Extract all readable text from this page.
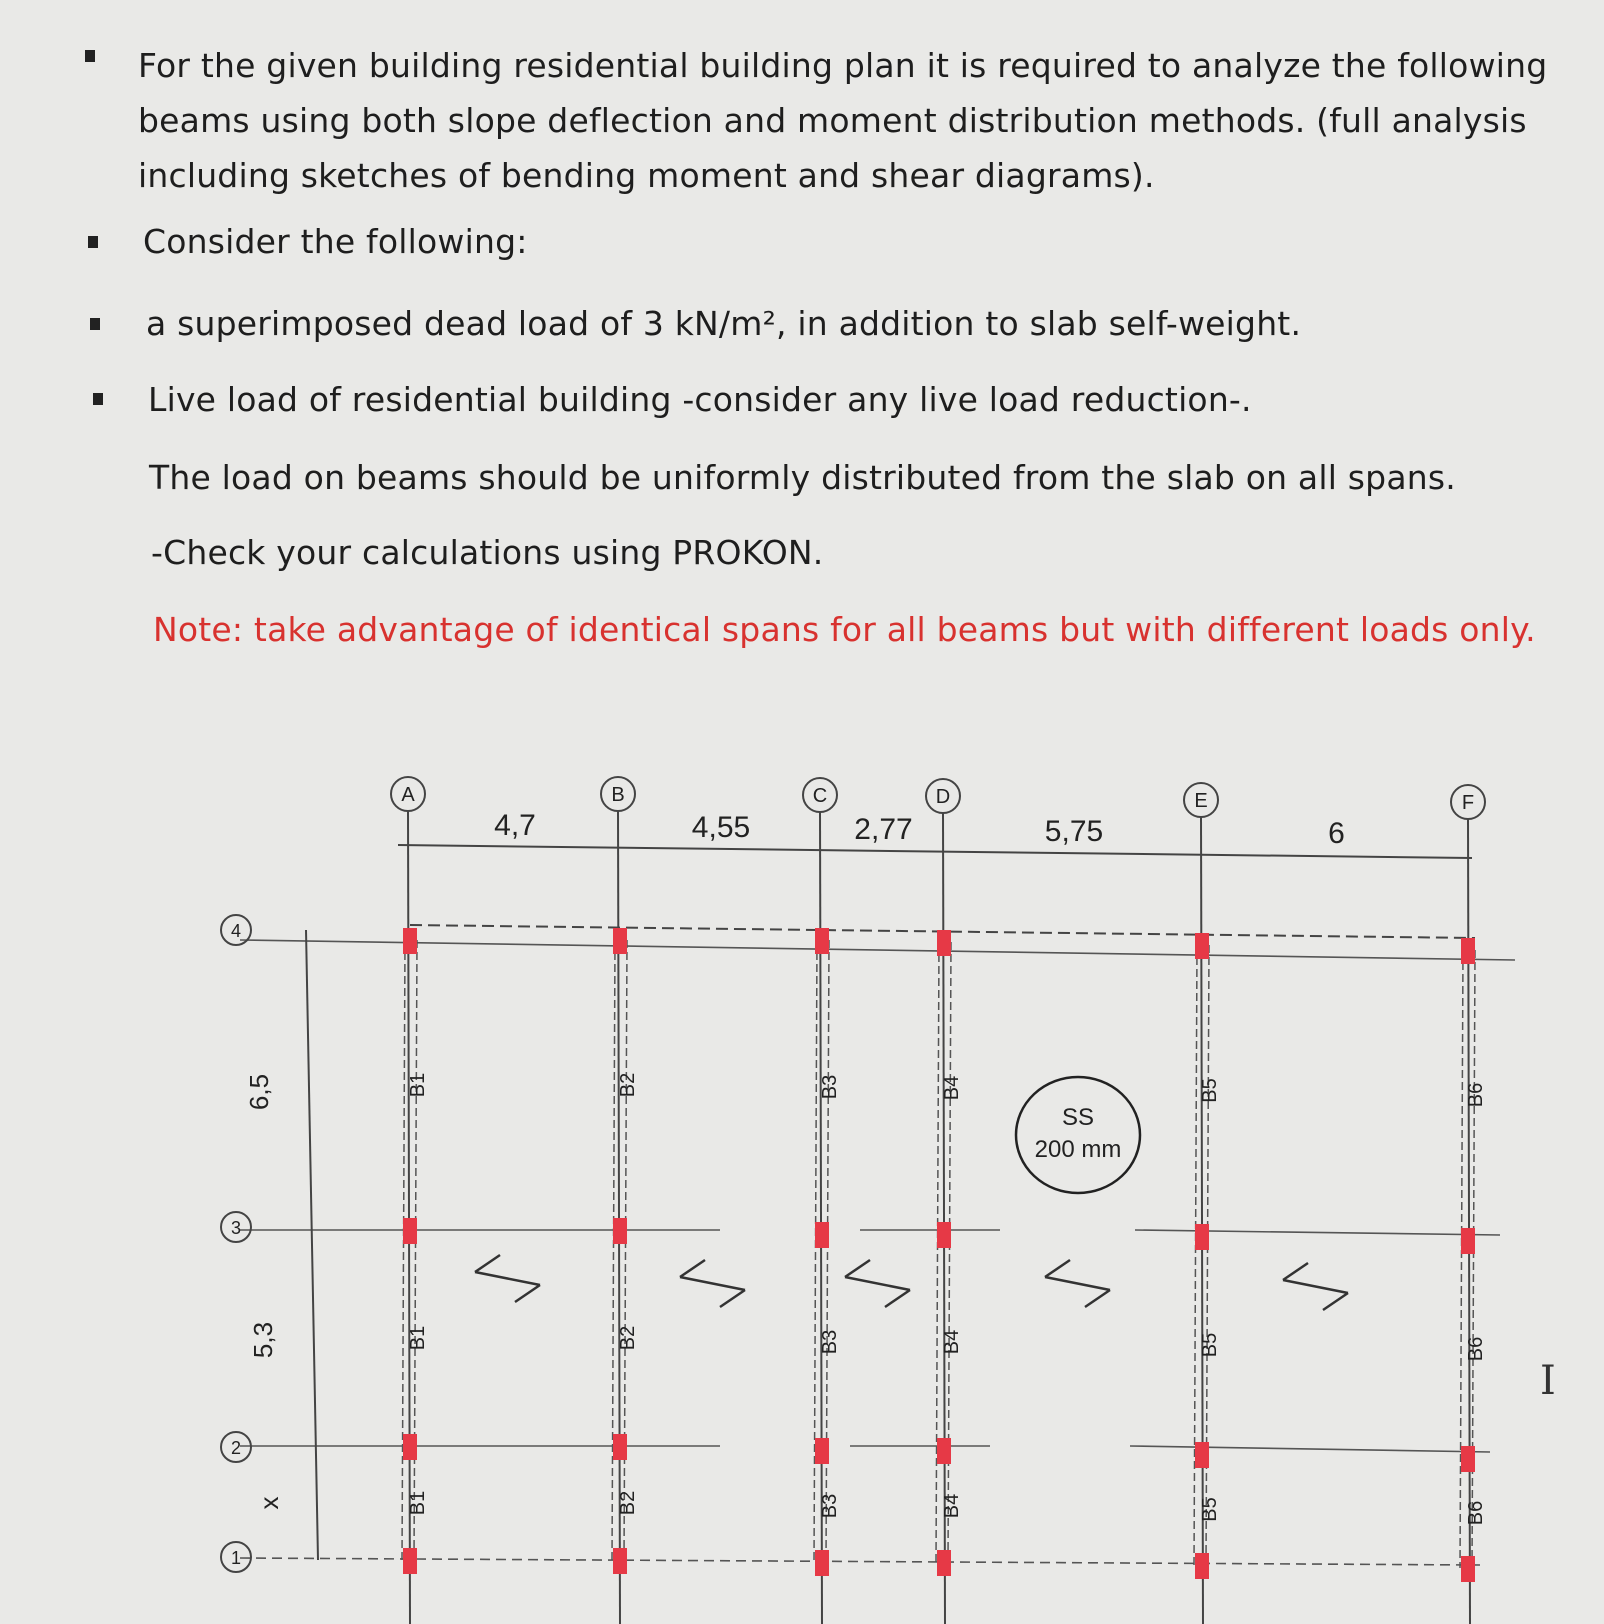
For the given building residential building plan it is required to analyze the following beams using both slope deflection and moment distribution methods. (full analysis including sketches of bending moment and shear diagrams).
Consider the following:
a superimposed dead load of 3 kN/m², in addition to slab self-weight.
Live load of residential building -consider any live load reduction-.
The load on beams should be uniformly distributed from the slab on all spans.
-Check your calculations using PROKON.
Note: take advantage of identical spans for all beams but with different loads only.
A	B	C	D	E	F
4,7	4,55	2,77	5,75	6
4
3
2
1
6,5
5,3
x
B1
B1
B1
B2
B2
B2
B3
B3
B3
B4
B4
B4
B5
B5
B5
B6
B6
B6
SS
200 mm
I
